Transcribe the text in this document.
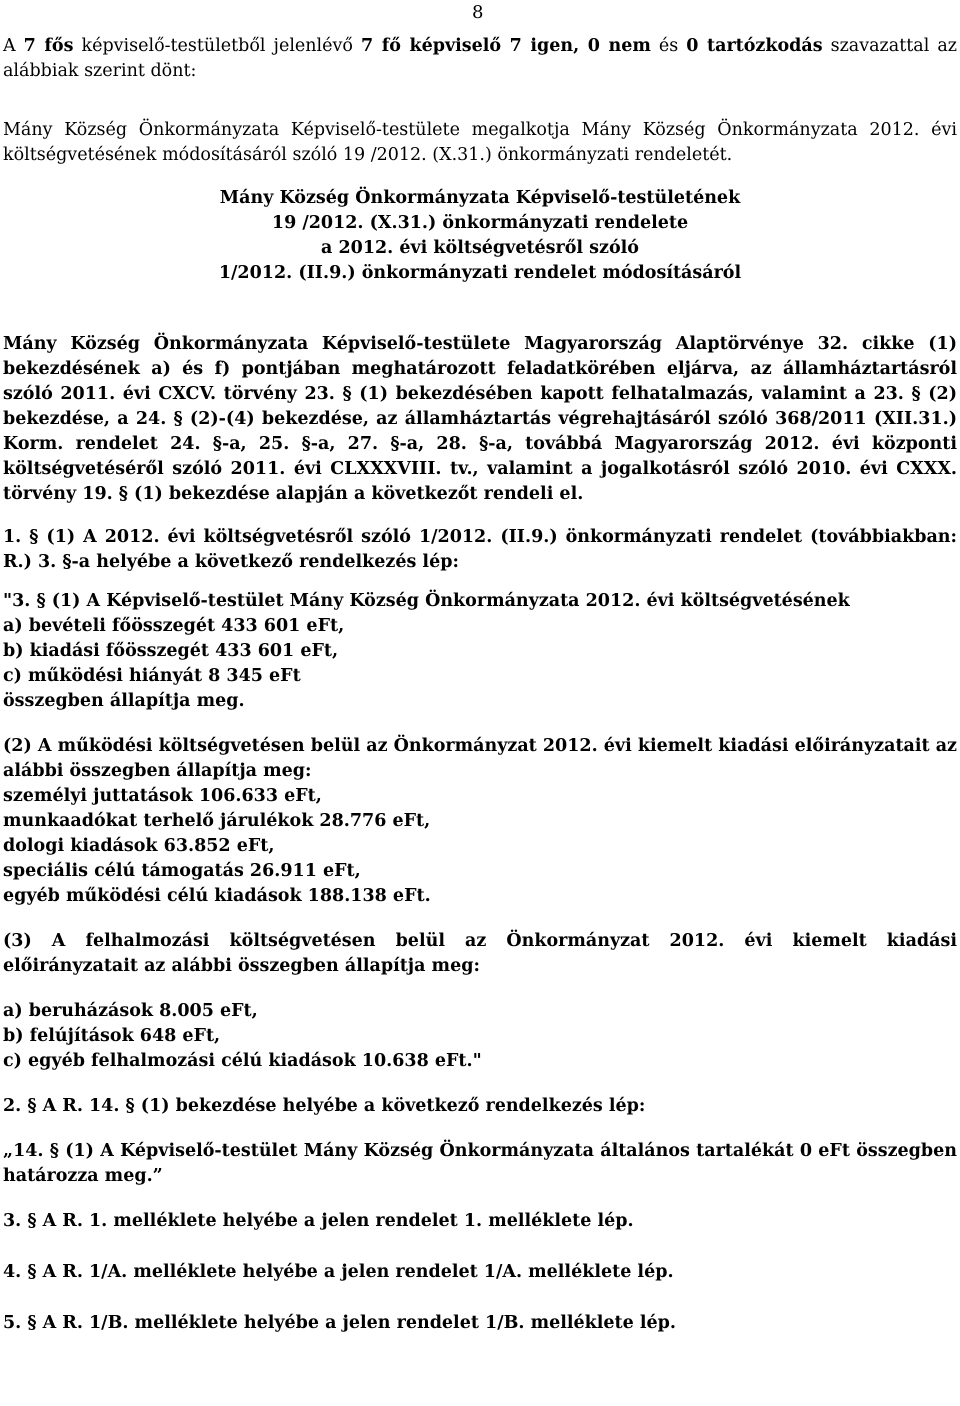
8

A 7 fős képviselő-testületből jelenlévő 7 fő képviselő 7 igen, 0 nem és 0 tartózkodás szavazattal az alábbiak szerint dönt:

Mány Község Önkormányzata Képviselő-testülete megalkotja Mány Község Önkormányzata 2012. évi költségvetésének módosításáról szóló 19 /2012. (X.31.) önkormányzati rendeletét.

Mány Község Önkormányzata Képviselő-testületének
19 /2012. (X.31.) önkormányzati rendelete
a 2012. évi költségvetésről szóló
1/2012. (II.9.) önkormányzati rendelet módosításáról

Mány Község Önkormányzata Képviselő-testülete Magyarország Alaptörvénye 32. cikke (1) bekezdésének a) és f) pontjában meghatározott feladatkörében eljárva, az államháztartásról szóló 2011. évi CXCV. törvény 23. § (1) bekezdésében kapott felhatalmazás, valamint a 23. § (2) bekezdése, a 24. § (2)-(4) bekezdése, az államháztartás végrehajtásáról szóló 368/2011 (XII.31.) Korm. rendelet 24. §-a, 25. §-a, 27. §-a, 28. §-a, továbbá Magyarország 2012. évi központi költségvetéséről szóló 2011. évi CLXXXVIII. tv., valamint a jogalkotásról szóló 2010. évi CXXX. törvény 19. § (1) bekezdése alapján a következőt rendeli el.

1. § (1) A 2012. évi költségvetésről szóló 1/2012. (II.9.) önkormányzati rendelet (továbbiakban: R.) 3. §-a helyébe a következő rendelkezés lép:

"3. § (1) A Képviselő-testület Mány Község Önkormányzata 2012. évi költségvetésének
a) bevételi főösszegét 433 601 eFt,
b) kiadási főösszegét 433 601 eFt,
c) működési hiányát 8 345 eFt
összegben állapítja meg.

(2) A működési költségvetésen belül az Önkormányzat 2012. évi kiemelt kiadási előirányzatait az alábbi összegben állapítja meg:

személyi juttatások 106.633 eFt,
munkaadókat terhelő járulékok 28.776 eFt,
dologi kiadások 63.852 eFt,
speciális célú támogatás 26.911 eFt,
egyéb működési célú kiadások 188.138 eFt.

(3) A felhalmozási költségvetésen belül az Önkormányzat 2012. évi kiemelt kiadási előirányzatait az alábbi összegben állapítja meg:

a) beruházások 8.005 eFt,
b) felújítások 648 eFt,
c) egyéb felhalmozási célú kiadások 10.638 eFt."

2. § A R. 14. § (1) bekezdése helyébe a következő rendelkezés lép:

„14. § (1) A Képviselő-testület Mány Község Önkormányzata általános tartalékát 0 eFt összegben határozza meg.”

3. § A R. 1. melléklete helyébe a jelen rendelet 1. melléklete lép.

4. § A R. 1/A. melléklete helyébe a jelen rendelet 1/A. melléklete lép.

5. § A R. 1/B. melléklete helyébe a jelen rendelet 1/B. melléklete lép.
